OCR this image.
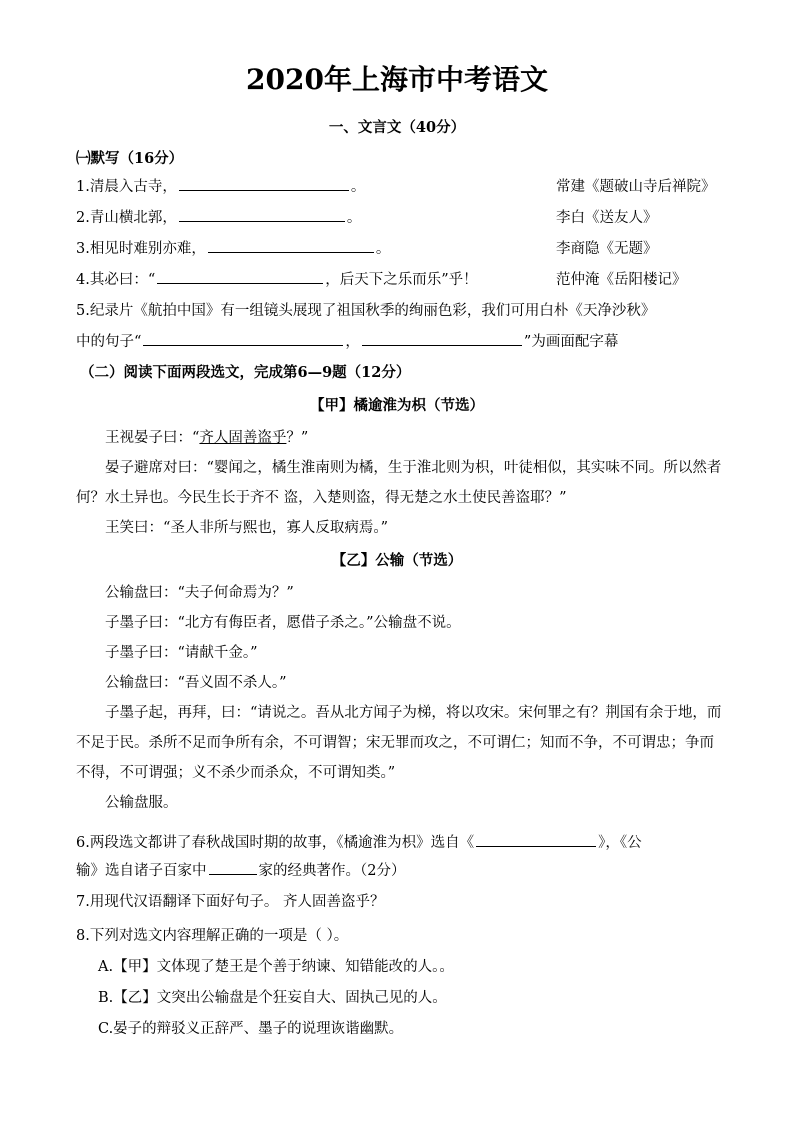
2020年上海市中考语文
一、文言文（40分）
㈠默写（16分）
1.清晨入古寺，	。	常建《题破山寺后禅院》
2.青山横北郭，	。	李白《送友人》
3.相见时难别亦难，	。	李商隐《无题》
4.其必曰：“	，后天下之乐而乐”乎！	范仲淹《岳阳楼记》
5.纪录片《航拍中国》有一组镜头展现了祖国秋季的绚丽色彩，我们可用白朴《天净沙秋》
中的句子“	，	”为画面配字幕
（二）阅读下面两段选文，完成第6—9题（12分）
【甲】橘逾淮为枳（节选）

王视晏子曰：“齐人固善盗乎？”

晏子避席对曰：“婴闻之，橘生淮南则为橘，生于淮北则为枳，叶徒相似，其实味不同。所以然者何？水土异也。今民生长于齐不 盗，入楚则盗，得无楚之水土使民善盗耶？”

王笑曰：“圣人非所与熙也，寡人反取病焉。”

【乙】公输（节选）

公输盘曰：“夫子何命焉为？”

子墨子曰：“北方有侮臣者，愿借子杀之。”公输盘不说。

子墨子曰：“请献千金。”

公输盘曰：“吾义固不杀人。”

子墨子起，再拜，曰：“请说之。吾从北方闻子为梯，将以攻宋。宋何罪之有？荆国有余于地，而不足于民。杀所不足而争所有余，不可谓智；宋无罪而攻之，不可谓仁；知而不争，不可谓忠；争而不得，不可谓强；义不杀少而杀众，不可谓知类。”

公输盘服。

6.两段选文都讲了春秋战国时期的故事，《橘逾淮为枳》选自《	》，《公
输》选自诸子百家中	家的经典著作。（2分）
7.用现代汉语翻译下面好句子。 齐人固善盗乎？
8.下列对选文内容理解正确的一项是（ ）。
A.【甲】文体现了楚王是个善于纳谏、知错能改的人。。
B.【乙】文突出公输盘是个狂妄自大、固执己见的人。
C.晏子的辩驳义正辞严、墨子的说理诙谐幽默。
